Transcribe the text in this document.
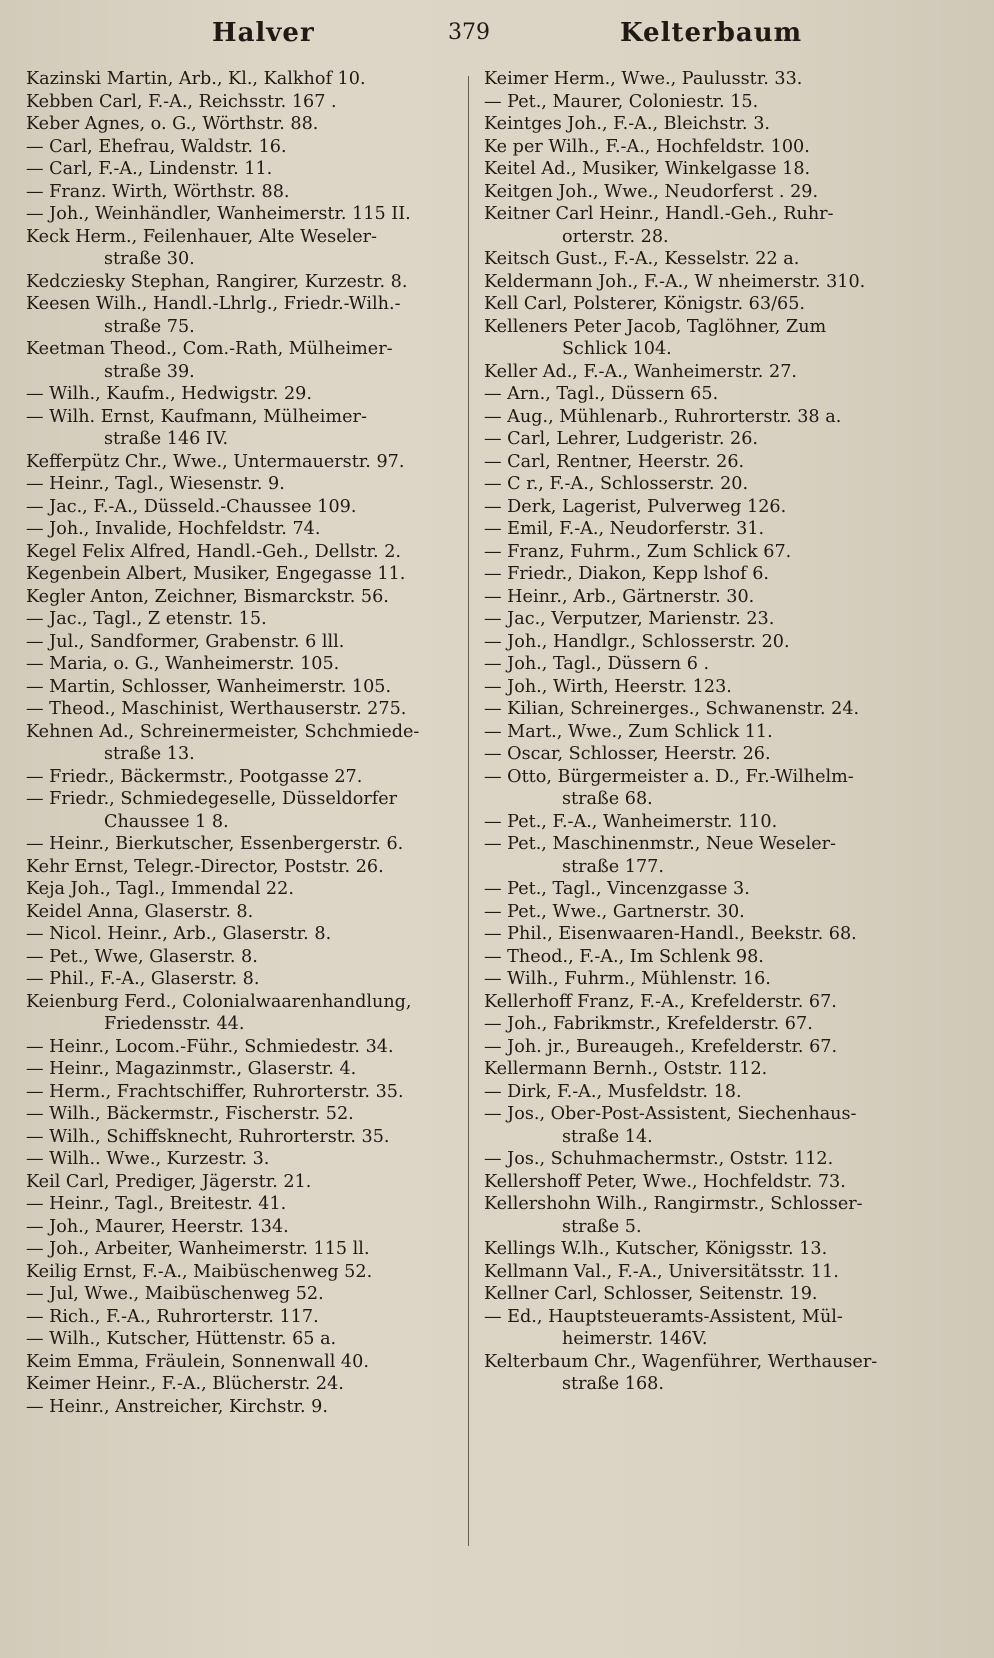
Halver	379	Kelterbaum
Kazinski Martin, Arb., Kl., Kalkhof 10.
Kebben Carl, F.-A., Reichsstr. 167 .
Keber Agnes, o. G., Wörthstr. 88.
— Carl, Ehefrau, Waldstr. 16.
— Carl, F.-A., Lindenstr. 11.
— Franz. Wirth, Wörthstr. 88.
— Joh., Weinhändler, Wanheimerstr. 115 II.
Keck Herm., Feilenhauer, Alte Weseler-
straße 30.
Kedcziesky Stephan, Rangirer, Kurzestr. 8.
Keesen Wilh., Handl.-Lhrlg., Friedr.-Wilh.-
straße 75.
Keetman Theod., Com.-Rath, Mülheimer-
straße 39.
— Wilh., Kaufm., Hedwigstr. 29.
— Wilh. Ernst, Kaufmann, Mülheimer-
straße 146 IV.
Kefferpütz Chr., Wwe., Untermauerstr. 97.
— Heinr., Tagl., Wiesenstr. 9.
— Jac., F.-A., Düsseld.-Chaussee 109.
— Joh., Invalide, Hochfeldstr. 74.
Kegel Felix Alfred, Handl.-Geh., Dellstr. 2.
Kegenbein Albert, Musiker, Engegasse 11.
Kegler Anton, Zeichner, Bismarckstr. 56.
— Jac., Tagl., Z etenstr. 15.
— Jul., Sandformer, Grabenstr. 6 lll.
— Maria, o. G., Wanheimerstr. 105.
— Martin, Schlosser, Wanheimerstr. 105.
— Theod., Maschinist, Werthauserstr. 275.
Kehnen Ad., Schreinermeister, Schchmiede-
straße 13.
— Friedr., Bäckermstr., Pootgasse 27.
— Friedr., Schmiedegeselle, Düsseldorfer
Chaussee 1 8.
— Heinr., Bierkutscher, Essenbergerstr. 6.
Kehr Ernst, Telegr.-Director, Poststr. 26.
Keja Joh., Tagl., Immendal 22.
Keidel Anna, Glaserstr. 8.
— Nicol. Heinr., Arb., Glaserstr. 8.
— Pet., Wwe, Glaserstr. 8.
— Phil., F.-A., Glaserstr. 8.
Keienburg Ferd., Colonialwaarenhandlung,
Friedensstr. 44.
— Heinr., Locom.-Führ., Schmiedestr. 34.
— Heinr., Magazinmstr., Glaserstr. 4.
— Herm., Frachtschiffer, Ruhrorterstr. 35.
— Wilh., Bäckermstr., Fischerstr. 52.
— Wilh., Schiffsknecht, Ruhrorterstr. 35.
— Wilh.. Wwe., Kurzestr. 3.
Keil Carl, Prediger, Jägerstr. 21.
— Heinr., Tagl., Breitestr. 41.
— Joh., Maurer, Heerstr. 134.
— Joh., Arbeiter, Wanheimerstr. 115 ll.
Keilig Ernst, F.-A., Maibüschenweg 52.
— Jul, Wwe., Maibüschenweg 52.
— Rich., F.-A., Ruhrorterstr. 117.
— Wilh., Kutscher, Hüttenstr. 65 a.
Keim Emma, Fräulein, Sonnenwall 40.
Keimer Heinr., F.-A., Blücherstr. 24.
— Heinr., Anstreicher, Kirchstr. 9.
Keimer Herm., Wwe., Paulusstr. 33.
— Pet., Maurer, Coloniestr. 15.
Keintges Joh., F.-A., Bleichstr. 3.
Ke per Wilh., F.-A., Hochfeldstr. 100.
Keitel Ad., Musiker, Winkelgasse 18.
Keitgen Joh., Wwe., Neudorferst . 29.
Keitner Carl Heinr., Handl.-Geh., Ruhr-
orterstr. 28.
Keitsch Gust., F.-A., Kesselstr. 22 a.
Keldermann Joh., F.-A., W nheimerstr. 310.
Kell Carl, Polsterer, Königstr. 63/65.
Kelleners Peter Jacob, Taglöhner, Zum
Schlick 104.
Keller Ad., F.-A., Wanheimerstr. 27.
— Arn., Tagl., Düssern 65.
— Aug., Mühlenarb., Ruhrorterstr. 38 a.
— Carl, Lehrer, Ludgeristr. 26.
— Carl, Rentner, Heerstr. 26.
— C r., F.-A., Schlosserstr. 20.
— Derk, Lagerist, Pulverweg 126.
— Emil, F.-A., Neudorferstr. 31.
— Franz, Fuhrm., Zum Schlick 67.
— Friedr., Diakon, Kepp lshof 6.
— Heinr., Arb., Gärtnerstr. 30.
— Jac., Verputzer, Marienstr. 23.
— Joh., Handlgr., Schlosserstr. 20.
— Joh., Tagl., Düssern 6 .
— Joh., Wirth, Heerstr. 123.
— Kilian, Schreinerges., Schwanenstr. 24.
— Mart., Wwe., Zum Schlick 11.
— Oscar, Schlosser, Heerstr. 26.
— Otto, Bürgermeister a. D., Fr.-Wilhelm-
straße 68.
— Pet., F.-A., Wanheimerstr. 110.
— Pet., Maschinenmstr., Neue Weseler-
straße 177.
— Pet., Tagl., Vincenzgasse 3.
— Pet., Wwe., Gartnerstr. 30.
— Phil., Eisenwaaren-Handl., Beekstr. 68.
— Theod., F.-A., Im Schlenk 98.
— Wilh., Fuhrm., Mühlenstr. 16.
Kellerhoff Franz, F.-A., Krefelderstr. 67.
— Joh., Fabrikmstr., Krefelderstr. 67.
— Joh. jr., Bureaugeh., Krefelderstr. 67.
Kellermann Bernh., Oststr. 112.
— Dirk, F.-A., Musfeldstr. 18.
— Jos., Ober-Post-Assistent, Siechenhaus-
straße 14.
— Jos., Schuhmachermstr., Oststr. 112.
Kellershoff Peter, Wwe., Hochfeldstr. 73.
Kellershohn Wilh., Rangirmstr., Schlosser-
straße 5.
Kellings W.lh., Kutscher, Königsstr. 13.
Kellmann Val., F.-A., Universitätsstr. 11.
Kellner Carl, Schlosser, Seitenstr. 19.
— Ed., Hauptsteueramts-Assistent, Mül-
heimerstr. 146V.
Kelterbaum Chr., Wagenführer, Werthauser-
straße 168.
